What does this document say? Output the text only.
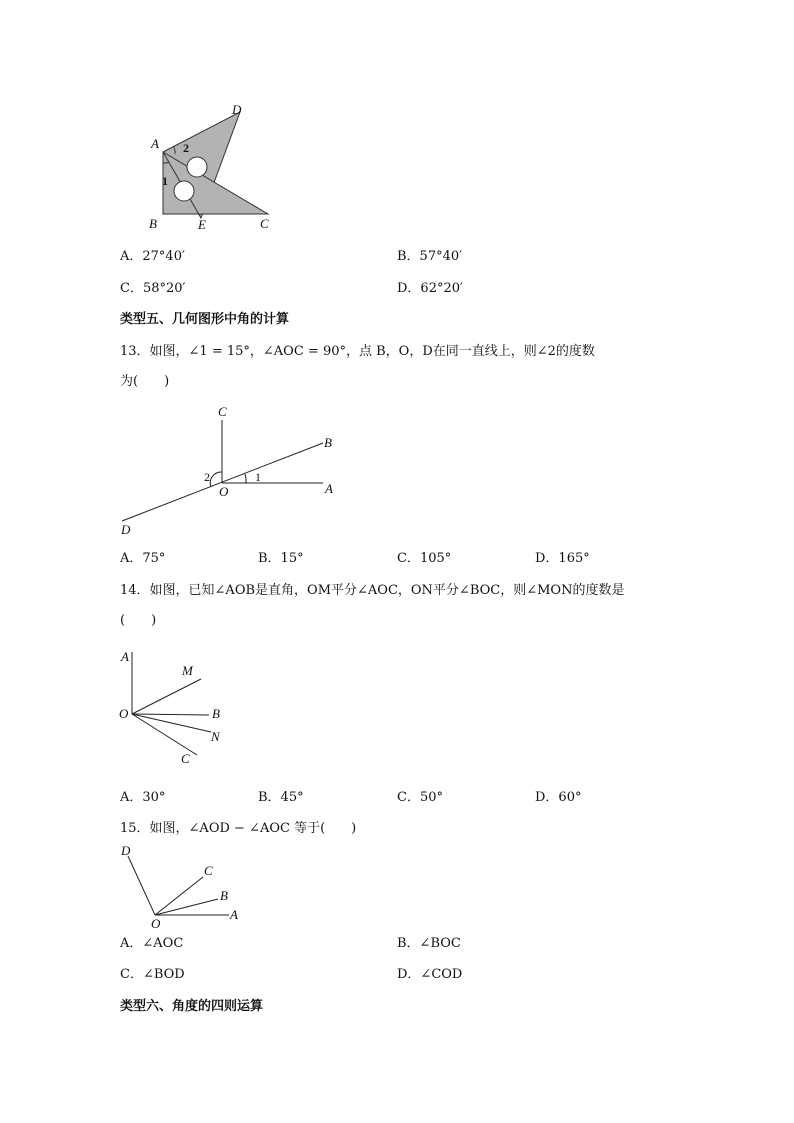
A
D
B	E	C
2
1
A．27°40′	B．57°40′
C．58°20′	D．62°20′
类型五、几何图形中角的计算
13．如图，∠1 = 15°，∠AOC = 90°，点 B，O，D在同一直线上，则∠2的度数
为(　　)
C
B
A
O
D
1
2
A．75°	B．15°	C．105°	D．165°
14．如图，已知∠AOB是直角，OM平分∠AOC，ON平分∠BOC，则∠MON的度数是
(　　)
A
M
O	B
N
C
A．30°	B．45°	C．50°	D．60°
15．如图，∠AOD − ∠AOC 等于(　　)
D
C
B
A
O
A．∠AOC	B．∠BOC
C．∠BOD	D．∠COD
类型六、角度的四则运算
